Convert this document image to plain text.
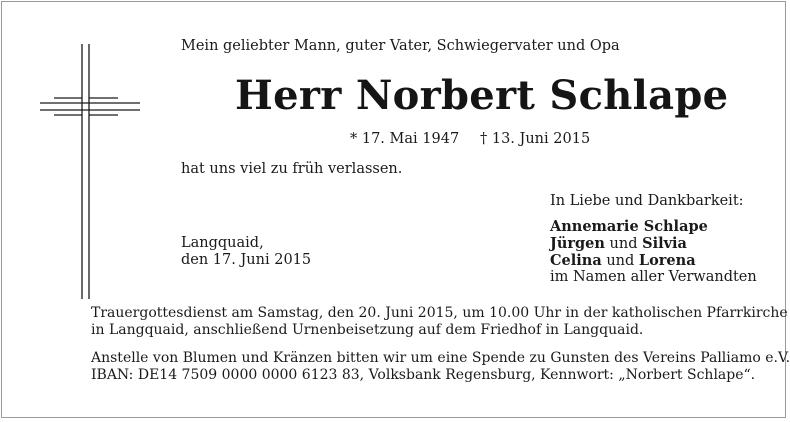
Mein geliebter Mann, guter Vater, Schwiegervater und Opa
Herr Norbert Schlape
* 17. Mai 1947 † 13. Juni 2015
hat uns viel zu früh verlassen.
In Liebe und Dankbarkeit:
Annemarie Schlape
Jürgen und Silvia
Celina und Lorena
im Namen aller Verwandten
Langquaid,
den 17. Juni 2015
Trauergottesdienst am Samstag, den 20. Juni 2015, um 10.00 Uhr in der katholischen Pfarrkirche
in Langquaid, anschließend Urnenbeisetzung auf dem Friedhof in Langquaid.
Anstelle von Blumen und Kränzen bitten wir um eine Spende zu Gunsten des Vereins Palliamo e.V.
IBAN: DE14 7509 0000 0000 6123 83, Volksbank Regensburg, Kennwort: „Norbert Schlape“.
